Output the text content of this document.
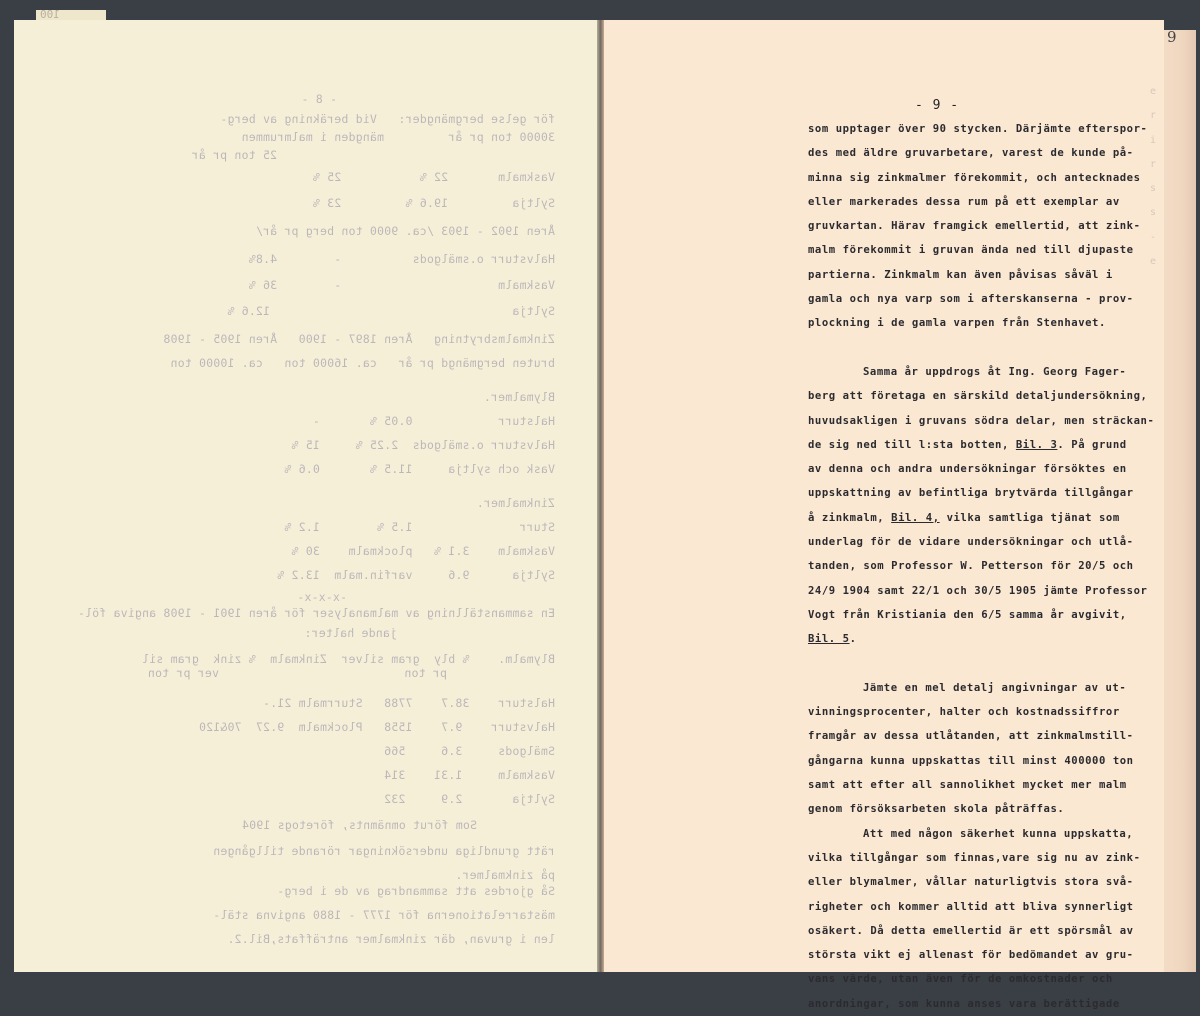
100
- 8 -
för gelse bergmängder:   Vid beräkning av berg-
30000 ton pr år         mängden i malmrummen
25 ton pr år
Vaskmalm       22 %           25 %
Syltja         19.6 %         23 %
Åren 1902 - 1903 /ca. 9000 ton berg pr år/
Halvsturr o.smälgods          -        4.8%
Vaskmalm                      -        36 %
Syltja                                  12.6 %
Zinkmalmsbrytning   Åren 1897 - 1900   Åren 1905 - 1908
bruten bergmängd pr år   ca. 16000 ton   ca. 10000 ton
Blymalmer.
Halsturr            0.05 %       -
Halvsturr o.smälgods  2.25 %     15 %
Vask och syltja     11.5 %       0.6 %
Zinkmalmer.
Sturr               1.5 %        1.2 %
Vaskmalm    3.1 %   plockmalm    30 %
Syltja      9.6     varfin.malm  13.2 %
-x-x-x-
En sammanställning av malmanalyser för åren 1901 - 1908 angiva föl-
jande halter:
Blymalm.    % bly  gram silver  Zinkmalm  % zink  gram sil
pr ton                          ver pr ton
Halsturr    38.7    7788   Sturrmalm 21.-
Halvsturr    9.7    1558   Plockmalm  9.27  70&120
Smälgods     3.6     566
Vaskmalm     1.31    314
Syltja       2.9     232
Som förut omnämnts, företogs 1904
rätt grundliga undersökningar rörande tillgången
på zinkmalmer.
Så gjordes att sammandrag av de i berg-
mästarrelationerna för 1777 - 1880 angivna stäl-
len i gruvan, där zinkmalmer anträffats,Bil.2.
9
e
r
i
r
s
s
-
e
- 9 -
som upptager över 90 stycken. Därjämte efterspor-
des med äldre gruvarbetare, varest de kunde på-
minna sig zinkmalmer förekommit, och antecknades
eller markerades dessa rum på ett exemplar av
gruvkartan. Härav framgick emellertid, att zink-
malm förekommit i gruvan ända ned till djupaste
partierna. Zinkmalm kan även påvisas såväl i
gamla och nya varp som i afterskanserna - prov-
plockning i de gamla varpen från Stenhavet.
Samma år uppdrogs åt Ing. Georg Fager-
berg att företaga en särskild detaljundersökning,
huvudsakligen i gruvans södra delar, men sträckan-
de sig ned till l:sta botten, Bil. 3. På grund
av denna och andra undersökningar försöktes en
uppskattning av befintliga brytvärda tillgångar
å zinkmalm, Bil. 4, vilka samtliga tjänat som
underlag för de vidare undersökningar och utlå-
tanden, som Professor W. Petterson för 20/5 och
24/9 1904 samt 22/1 och 30/5 1905 jämte Professor
Vogt från Kristiania den 6/5 samma år avgivit,
Bil. 5.
Jämte en mel detalj angivningar av ut-
vinningsprocenter, halter och kostnadssiffror
framgår av dessa utlåtanden, att zinkmalmstill-
gångarna kunna uppskattas till minst 400000 ton
samt att efter all sannolikhet mycket mer malm
genom försöksarbeten skola påträffas.
Att med någon säkerhet kunna uppskatta,
vilka tillgångar som finnas,vare sig nu av zink-
eller blymalmer, vållar naturligtvis stora svå-
righeter och kommer alltid att bliva synnerligt
osäkert. Då detta emellertid är ett spörsmål av
största vikt ej allenast för bedömandet av gru-
vans värde, utan även för de omkostnader och
anordningar, som kunna anses vara berättigade
